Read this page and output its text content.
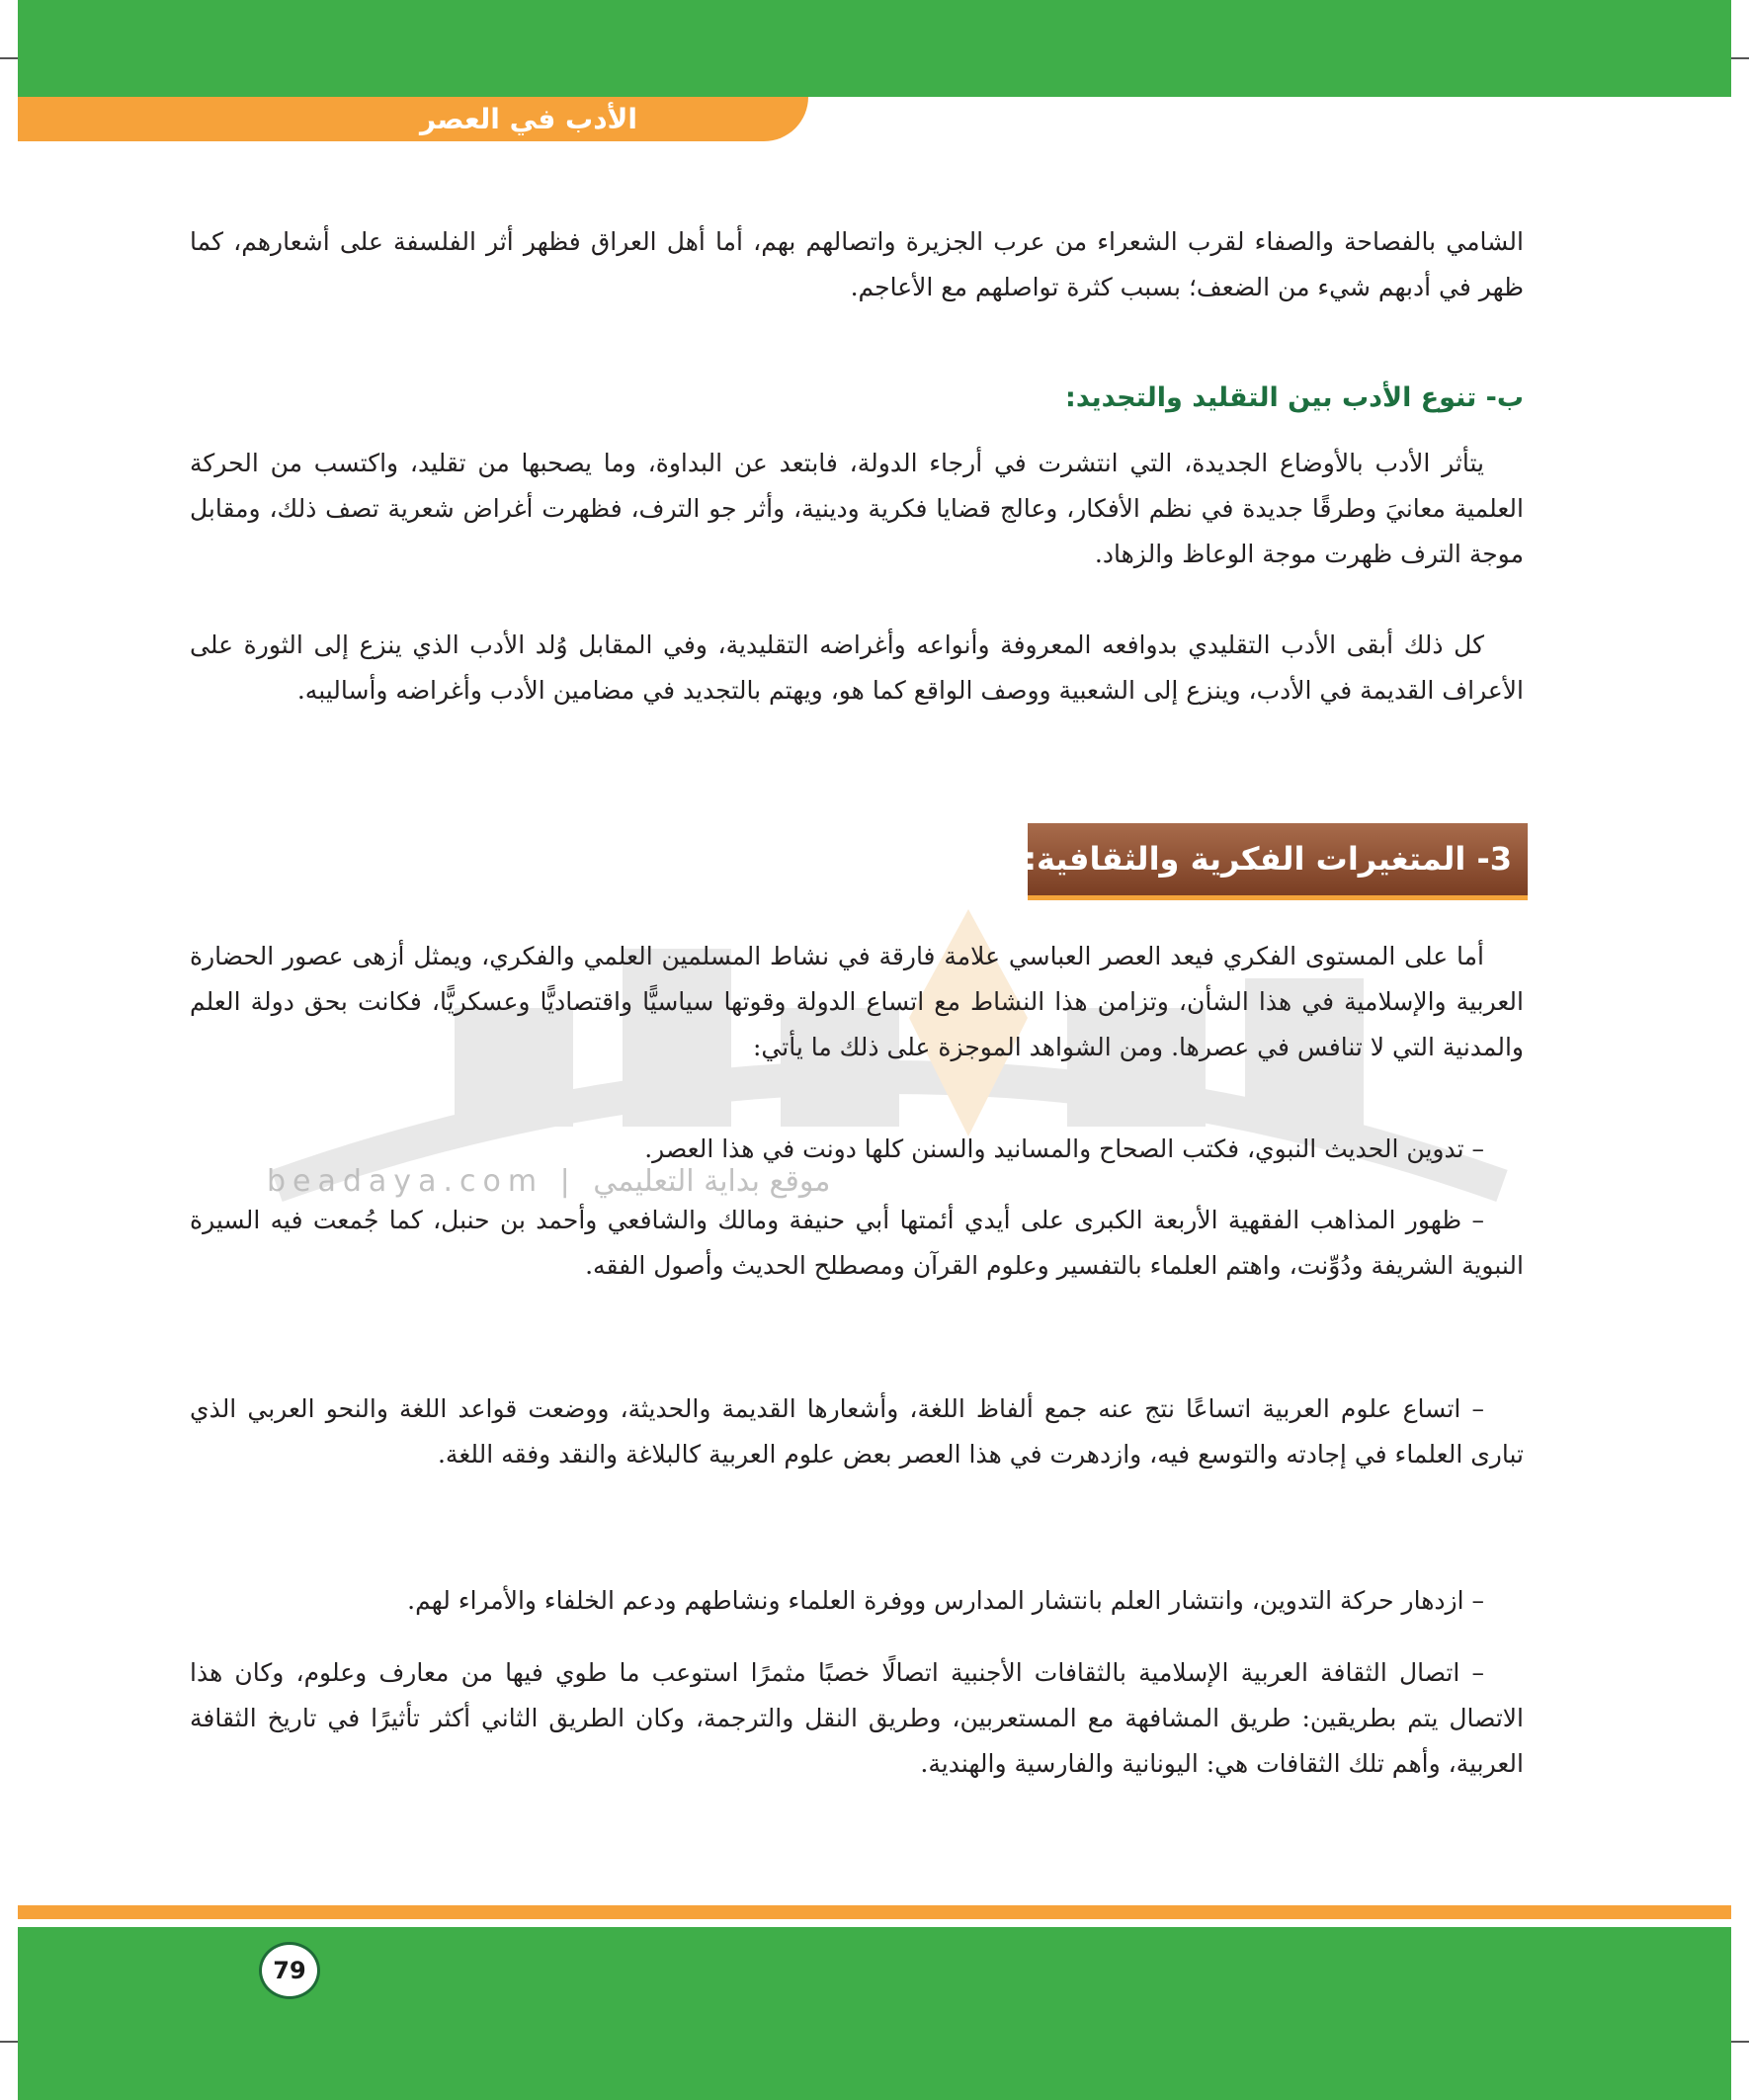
الأدب في العصر العباسي
beadaya.com | موقع بداية التعليمي

الشامي بالفصاحة والصفاء لقرب الشعراء من عرب الجزيرة واتصالهم بهم، أما أهل العراق فظهر أثر الفلسفة على أشعارهم، كما ظهر في أدبهم شيء من الضعف؛ بسبب كثرة تواصلهم مع الأعاجم.

ب- تنوع الأدب بين التقليد والتجديد:

يتأثر الأدب بالأوضاع الجديدة، التي انتشرت في أرجاء الدولة، فابتعد عن البداوة، وما يصحبها من تقليد، واكتسب من الحركة العلمية معانيَ وطرقًا جديدة في نظم الأفكار، وعالج قضايا فكرية ودينية، وأثر جو الترف، فظهرت أغراض شعرية تصف ذلك، ومقابل موجة الترف ظهرت موجة الوعاظ والزهاد.

كل ذلك أبقى الأدب التقليدي بدوافعه المعروفة وأنواعه وأغراضه التقليدية، وفي المقابل وُلد الأدب الذي ينزع إلى الثورة على الأعراف القديمة في الأدب، وينزع إلى الشعبية ووصف الواقع كما هو، ويهتم بالتجديد في مضامين الأدب وأغراضه وأساليبه.

3- المتغيرات الفكرية والثقافية:

أما على المستوى الفكري فيعد العصر العباسي علامة فارقة في نشاط المسلمين العلمي والفكري، ويمثل أزهى عصور الحضارة العربية والإسلامية في هذا الشأن، وتزامن هذا النشاط مع اتساع الدولة وقوتها سياسيًّا واقتصاديًّا وعسكريًّا، فكانت بحق دولة العلم والمدنية التي لا تنافس في عصرها. ومن الشواهد الموجزة على ذلك ما يأتي:

– تدوين الحديث النبوي، فكتب الصحاح والمسانيد والسنن كلها دونت في هذا العصر.

– ظهور المذاهب الفقهية الأربعة الكبرى على أيدي أئمتها أبي حنيفة ومالك والشافعي وأحمد بن حنبل، كما جُمعت فيه السيرة النبوية الشريفة ودُوِّنت، واهتم العلماء بالتفسير وعلوم القرآن ومصطلح الحديث وأصول الفقه.

– اتساع علوم العربية اتساعًا نتج عنه جمع ألفاظ اللغة، وأشعارها القديمة والحديثة، ووضعت قواعد اللغة والنحو العربي الذي تبارى العلماء في إجادته والتوسع فيه، وازدهرت في هذا العصر بعض علوم العربية كالبلاغة والنقد وفقه اللغة.

– ازدهار حركة التدوين، وانتشار العلم بانتشار المدارس ووفرة العلماء ونشاطهم ودعم الخلفاء والأمراء لهم.

– اتصال الثقافة العربية الإسلامية بالثقافات الأجنبية اتصالًا خصبًا مثمرًا استوعب ما طوي فيها من معارف وعلوم، وكان هذا الاتصال يتم بطريقين: طريق المشافهة مع المستعربين، وطريق النقل والترجمة، وكان الطريق الثاني أكثر تأثيرًا في تاريخ الثقافة العربية، وأهم تلك الثقافات هي: اليونانية والفارسية والهندية.

79
